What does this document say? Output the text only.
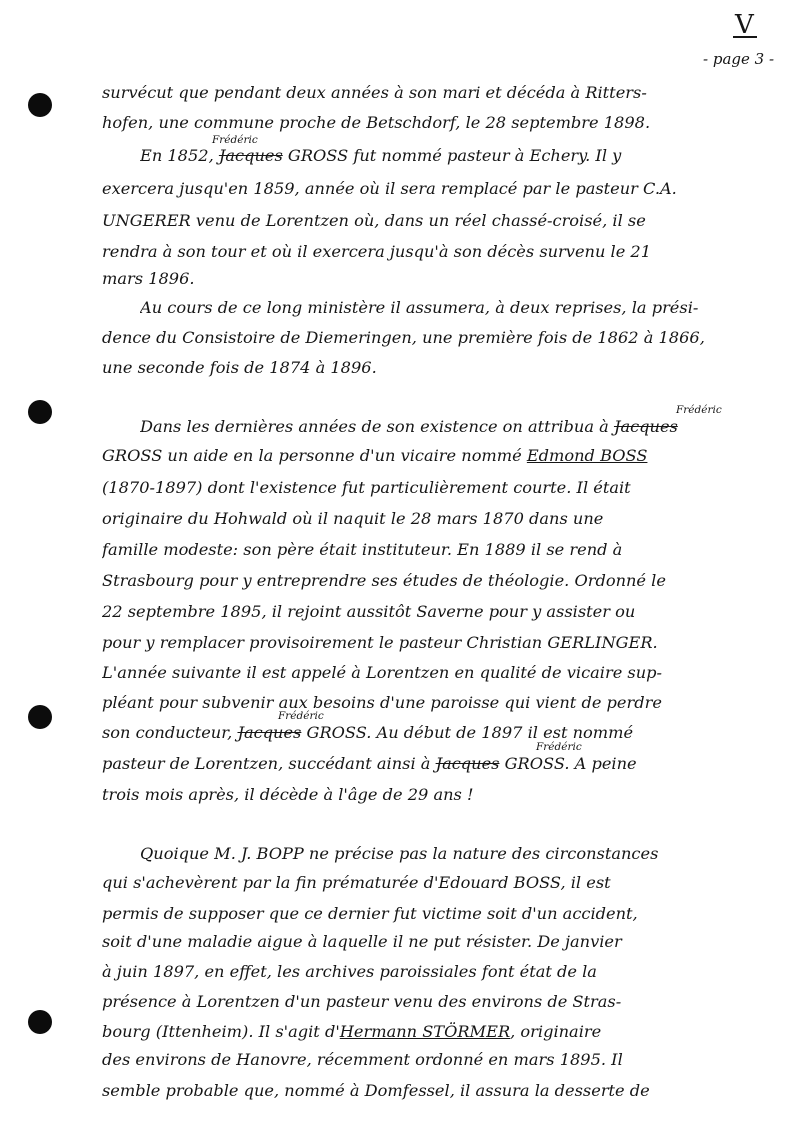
V
- page 3 -
survécut que pendant deux années à son mari et décéda à Ritters-
hofen, une commune proche de Betschdorf, le 28 septembre 1898.
En 1852, Jacques GROSS fut nommé pasteur à Echery. Il y
Frédéric
exercera jusqu'en 1859, année où il sera remplacé par le pasteur C.A.
UNGERER venu de Lorentzen où, dans un réel chassé-croisé, il se
rendra à son tour et où il exercera jusqu'à son décès survenu le 21
mars 1896.
Au cours de ce long ministère il assumera, à deux reprises, la prési-
dence du Consistoire de Diemeringen, une première fois de 1862 à 1866,
une seconde fois de 1874 à 1896.
Dans les dernières années de son existence on attribua à Jacques
Frédéric
GROSS un aide en la personne d'un vicaire nommé Edmond BOSS
(1870-1897) dont l'existence fut particulièrement courte. Il était
originaire du Hohwald où il naquit le 28 mars 1870 dans une
famille modeste: son père était instituteur. En 1889 il se rend à
Strasbourg pour y entreprendre ses études de théologie. Ordonné le
22 septembre 1895, il rejoint aussitôt Saverne pour y assister ou
pour y remplacer provisoirement le pasteur Christian GERLINGER.
L'année suivante il est appelé à Lorentzen en qualité de vicaire sup-
pléant pour subvenir aux besoins d'une paroisse qui vient de perdre
son conducteur, Jacques GROSS. Au début de 1897 il est nommé
Frédéric
pasteur de Lorentzen, succédant ainsi à Jacques GROSS. A peine
Frédéric
trois mois après, il décède à l'âge de 29 ans !
Quoique M. J. BOPP ne précise pas la nature des circonstances
qui s'achevèrent par la fin prématurée d'Edouard BOSS, il est
permis de supposer que ce dernier fut victime soit d'un accident,
soit d'une maladie aigue à laquelle il ne put résister. De janvier
à juin 1897, en effet, les archives paroissiales font état de la
présence à Lorentzen d'un pasteur venu des environs de Stras-
bourg (Ittenheim). Il s'agit d'Hermann STÖRMER, originaire
des environs de Hanovre, récemment ordonné en mars 1895. Il
semble probable que, nommé à Domfessel, il assura la desserte de
